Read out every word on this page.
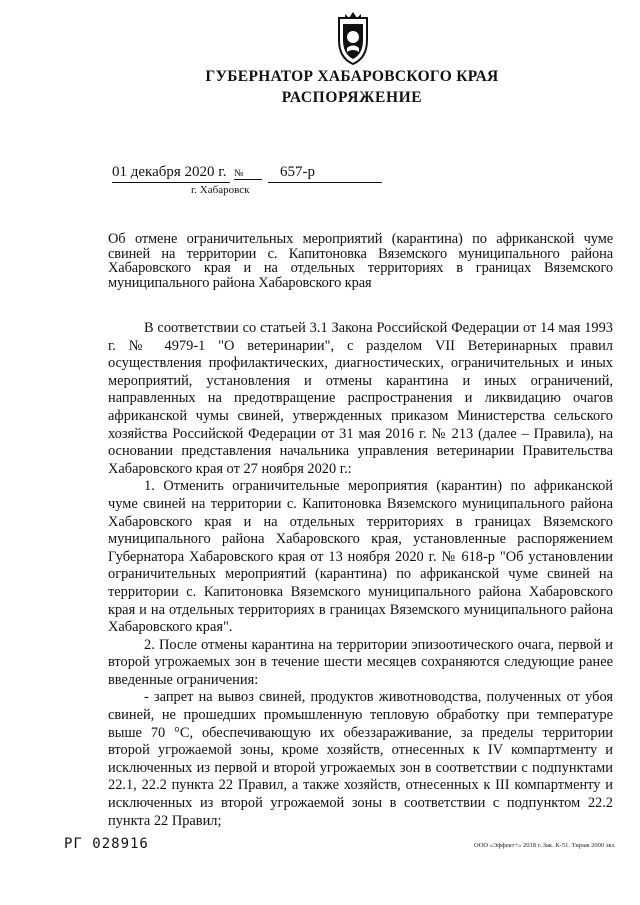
ГУБЕРНАТОР ХАБАРОВСКОГО КРАЯ
РАСПОРЯЖЕНИЕ
01 декабря 2020 г. № 657-р
г. Хабаровск
Об отмене ограничительных мероприятий (карантина) по африканской чуме свиней на территории с. Капитоновка Вяземского муниципального района Хабаровского края и на отдельных территориях в границах Вяземского муниципального района Хабаровского края

В соответствии со статьей 3.1 Закона Российской Федерации от 14 мая 1993 г. № 4979-1 "О ветеринарии", с разделом VII Ветеринарных правил осуществления профилактических, диагностических, ограничительных и иных мероприятий, установления и отмены карантина и иных ограничений, направленных на предотвращение распространения и ликвидацию очагов африканской чумы свиней, утвержденных приказом Министерства сельского хозяйства Российской Федерации от 31 мая 2016 г. № 213 (далее – Правила), на основании представления начальника управления ветеринарии Правительства Хабаровского края от 27 ноября 2020 г.:

1. Отменить ограничительные мероприятия (карантин) по африканской чуме свиней на территории с. Капитоновка Вяземского муниципального района Хабаровского края и на отдельных территориях в границах Вяземского муниципального района Хабаровского края, установленные распоряжением Губернатора Хабаровского края от 13 ноября 2020 г. № 618-р "Об установлении ограничительных мероприятий (карантина) по африканской чуме свиней на территории с. Капитоновка Вяземского муниципального района Хабаровского края и на отдельных территориях в границах Вяземского муниципального района Хабаровского края".

2. После отмены карантина на территории эпизоотического очага, первой и второй угрожаемых зон в течение шести месяцев сохраняются следующие ранее введенные ограничения:

- запрет на вывоз свиней, продуктов животноводства, полученных от убоя свиней, не прошедших промышленную тепловую обработку при температуре выше 70 °С, обеспечивающую их обеззараживание, за пределы территории второй угрожаемой зоны, кроме хозяйств, отнесенных к IV компартменту и исключенных из первой и второй угрожаемых зон в соответствии с подпунктами 22.1, 22.2 пункта 22 Правил, а также хозяйств, отнесенных к III компартменту и исключенных из второй угрожаемой зоны в соответствии с подпунктом 22.2 пункта 22 Правил;

РГ 028916	ООО «Эффект+» 2018 г. Зак. К-51. Тираж 2000 экз.
